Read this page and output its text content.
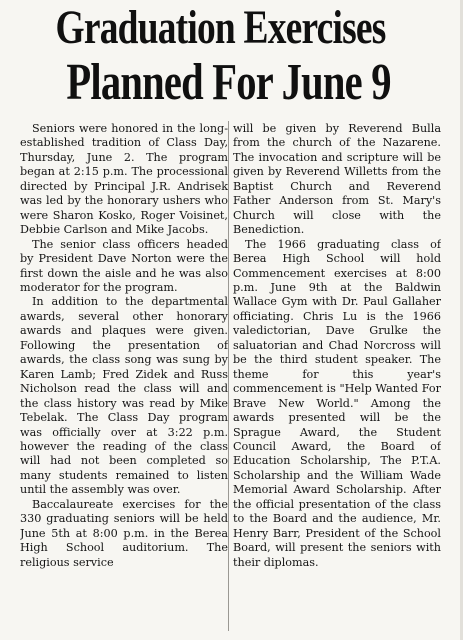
Graduation Exercises
Planned For June 9

Seniors were honored in the long-established tradition of Class Day, Thursday, June 2. The program began at 2:15 p.m. The processional directed by Principal J.R. Andrisek was led by the honorary ushers who were Sharon Kosko, Roger Voisinet, Debbie Carlson and Mike Jacobs.

The senior class officers headed by President Dave Norton were the first down the aisle and he was also moderator for the program.

In addition to the departmental awards, several other honorary awards and plaques were given. Following the presentation of awards, the class song was sung by Karen Lamb; Fred Zidek and Russ Nicholson read the class will and the class history was read by Mike Tebelak. The Class Day program was officially over at 3:22 p.m. however the reading of the class will had not been completed so many students remained to listen until the assembly was over.

Baccalaureate exercises for the 330 graduating seniors will be held June 5th at 8:00 p.m. in the Berea High School auditorium. The religious service

will be given by Reverend Bulla from the church of the Nazarene. The invocation and scripture will be given by Reverend Willetts from the Baptist Church and Reverend Father Anderson from St. Mary's Church will close with the Benediction.

The 1966 graduating class of Berea High School will hold Commencement exercises at 8:00 p.m. June 9th at the Baldwin Wallace Gym with Dr. Paul Gallaher officiating. Chris Lu is the 1966 valedictorian, Dave Grulke the saluatorian and Chad Norcross will be the third student speaker. The theme for this year's commencement is "Help Wanted For Brave New World." Among the awards presented will be the Sprague Award, the Student Council Award, the Board of Education Scholarship, The P.T.A. Scholarship and the William Wade Memorial Award Scholarship. After the official presentation of the class to the Board and the audience, Mr. Henry Barr, President of the School Board, will present the seniors with their diplomas.
